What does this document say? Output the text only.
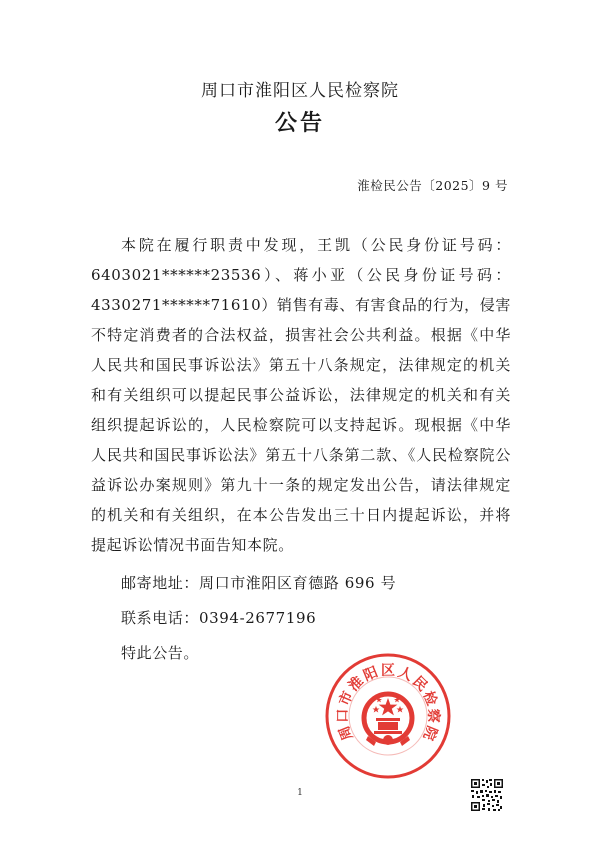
周口市淮阳区人民检察院
公告
淮检民公告〔2025〕9 号

本院在履行职责中发现，王凯（公民身份证号码：6403021******23536）、蒋小亚（公民身份证号码：4330271******71610）销售有毒、有害食品的行为，侵害不特定消费者的合法权益，损害社会公共利益。根据《中华人民共和国民事诉讼法》第五十八条规定，法律规定的机关和有关组织可以提起民事公益诉讼，法律规定的机关和有关组织提起诉讼的，人民检察院可以支持起诉。现根据《中华人民共和国民事诉讼法》第五十八条第二款、《人民检察院公益诉讼办案规则》第九十一条的规定发出公告，请法律规定的机关和有关组织，在本公告发出三十日内提起诉讼，并将提起诉讼情况书面告知本院。

邮寄地址：周口市淮阳区育德路 696 号
联系电话：0394-2677196
特此公告。
周
口
市
淮
阳 区 人
民
检
察
院
1
